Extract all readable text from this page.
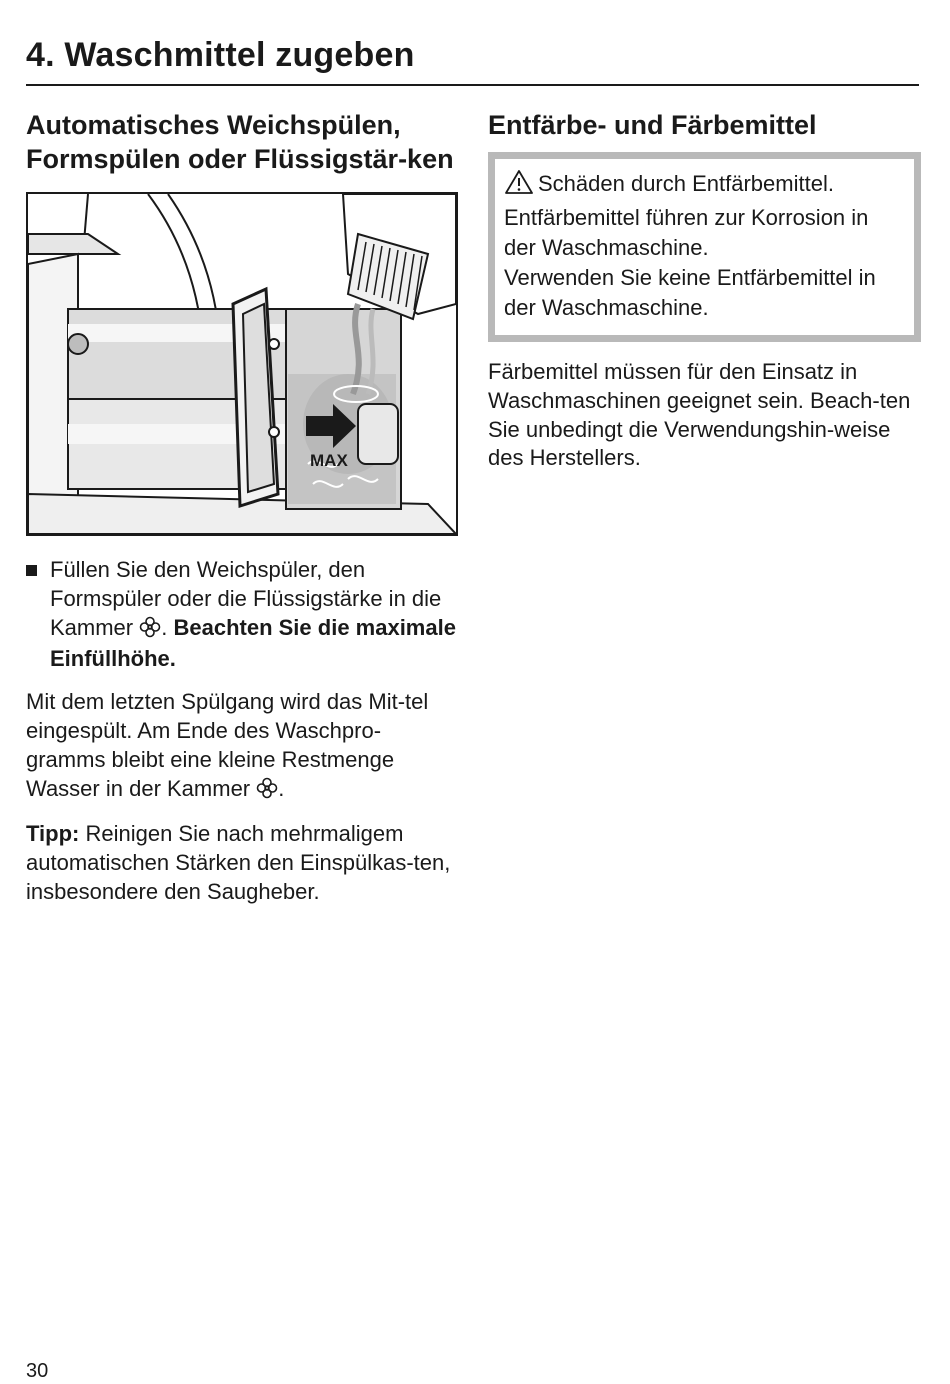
4. Waschmittel zugeben
Automatisches Weichspülen, Formspülen oder Flüssigstär-ken
MAX

Füllen Sie den Weichspüler, den Formspüler oder die Flüssigstärke in die Kammer . Beachten Sie die maximale Einfüllhöhe.

Mit dem letzten Spülgang wird das Mit-tel eingespült. Am Ende des Waschpro-gramms bleibt eine kleine Restmenge Wasser in der Kammer .

Tipp: Reinigen Sie nach mehrmaligem automatischen Stärken den Einspülkas-ten, insbesondere den Saugheber.

Entfärbe- und Färbemittel

Schäden durch Entfärbemittel.

Entfärbemittel führen zur Korrosion in der Waschmaschine.

Verwenden Sie keine Entfärbemittel in der Waschmaschine.

Färbemittel müssen für den Einsatz in Waschmaschinen geeignet sein. Beach-ten Sie unbedingt die Verwendungshin-weise des Herstellers.

30
